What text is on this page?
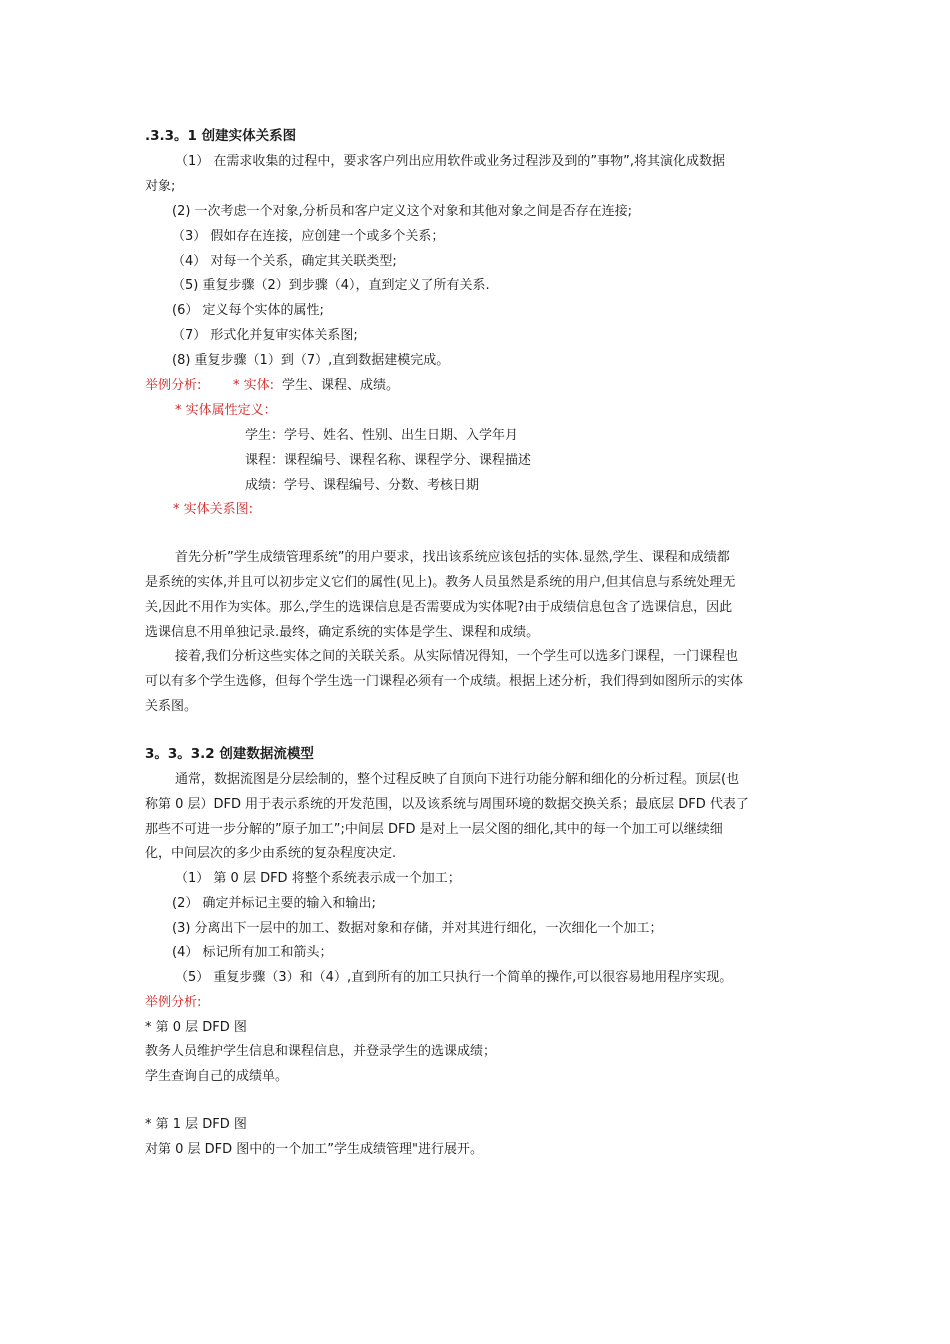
.3.3。1 创建实体关系图
（1） 在需求收集的过程中，要求客户列出应用软件或业务过程涉及到的”事物”,将其演化成数据
对象;
(2) 一次考虑一个对象,分析员和客户定义这个对象和其他对象之间是否存在连接;
（3） 假如存在连接，应创建一个或多个关系；
（4） 对每一个关系，确定其关联类型;
（5) 重复步骤（2）到步骤（4），直到定义了所有关系.
(6） 定义每个实体的属性;
（7） 形式化并复审实体关系图;
(8) 重复步骤（1）到（7）,直到数据建模完成。
举例分析: * 实体: 学生、课程、成绩。
* 实体属性定义：
学生：学号、姓名、性别、出生日期、入学年月
课程：课程编号、课程名称、课程学分、课程描述
成绩：学号、课程编号、分数、考核日期
* 实体关系图:
首先分析”学生成绩管理系统”的用户要求，找出该系统应该包括的实体.显然,学生、课程和成绩都
是系统的实体,并且可以初步定义它们的属性(见上)。教务人员虽然是系统的用户,但其信息与系统处理无
关,因此不用作为实体。那么,学生的选课信息是否需要成为实体呢?由于成绩信息包含了选课信息，因此
选课信息不用单独记录.最终，确定系统的实体是学生、课程和成绩。
接着,我们分析这些实体之间的关联关系。从实际情况得知，一个学生可以选多门课程，一门课程也
可以有多个学生选修，但每个学生选一门课程必须有一个成绩。根据上述分析，我们得到如图所示的实体
关系图。
3。3。3.2 创建数据流模型
通常，数据流图是分层绘制的，整个过程反映了自顶向下进行功能分解和细化的分析过程。顶层(也
称第 0 层）DFD 用于表示系统的开发范围，以及该系统与周围环境的数据交换关系；最底层 DFD 代表了
那些不可进一步分解的”原子加工”;中间层 DFD 是对上一层父图的细化,其中的每一个加工可以继续细
化，中间层次的多少由系统的复杂程度决定.
（1） 第 0 层 DFD 将整个系统表示成一个加工；
(2） 确定并标记主要的输入和输出;
(3) 分离出下一层中的加工、数据对象和存储，并对其进行细化，一次细化一个加工；
(4） 标记所有加工和箭头；
（5） 重复步骤（3）和（4）,直到所有的加工只执行一个简单的操作,可以很容易地用程序实现。
举例分析:
* 第 0 层 DFD 图
教务人员维护学生信息和课程信息，并登录学生的选课成绩；
学生查询自己的成绩单。
* 第 1 层 DFD 图
对第 0 层 DFD 图中的一个加工”学生成绩管理"进行展开。
